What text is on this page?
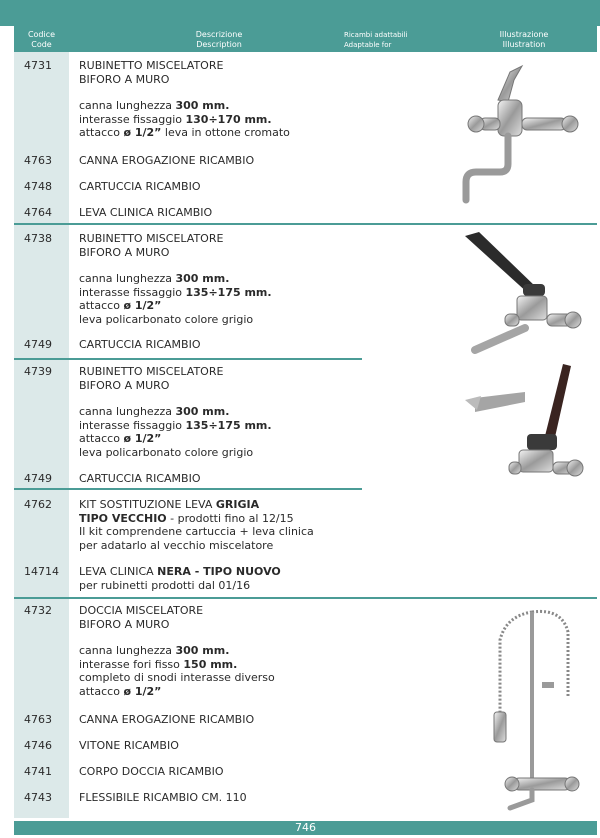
Codice
Code
Descrizione
Description
Ricambi adattabili
Adaptable for
Illustrazione
Illustration
4731 RUBINETTO MISCELATORE

BIFORO A MURO

canna lunghezza 300 mm.

interasse fissaggio 130÷170 mm.

attacco ø 1/2” leva in ottone cromato

4763 CANNA EROGAZIONE RICAMBIO
4748 CARTUCCIA RICAMBIO
4764 LEVA CLINICA RICAMBIO
4738 RUBINETTO MISCELATORE

BIFORO A MURO

canna lunghezza 300 mm.

interasse fissaggio 135÷175 mm.

attacco ø 1/2”

leva policarbonato colore grigio

4749 CARTUCCIA RICAMBIO
4739 RUBINETTO MISCELATORE

BIFORO A MURO

canna lunghezza 300 mm.

interasse fissaggio 135÷175 mm.

attacco ø 1/2”

leva policarbonato colore grigio

4749 CARTUCCIA RICAMBIO
4762 KIT SOSTITUZIONE LEVA GRIGIA

TIPO VECCHIO - prodotti fino al 12/15

Il kit comprendene cartuccia + leva clinica

per adatarlo al vecchio miscelatore

14714 LEVA CLINICA NERA - TIPO NUOVO

per rubinetti prodotti dal 01/16

4732 DOCCIA MISCELATORE

BIFORO A MURO

canna lunghezza 300 mm.

interasse fori fisso 150 mm.

completo di snodi interasse diverso

attacco ø 1/2”

4763 CANNA EROGAZIONE RICAMBIO
4746 VITONE RICAMBIO
4741 CORPO DOCCIA RICAMBIO
4743 FLESSIBILE RICAMBIO CM. 110
746
